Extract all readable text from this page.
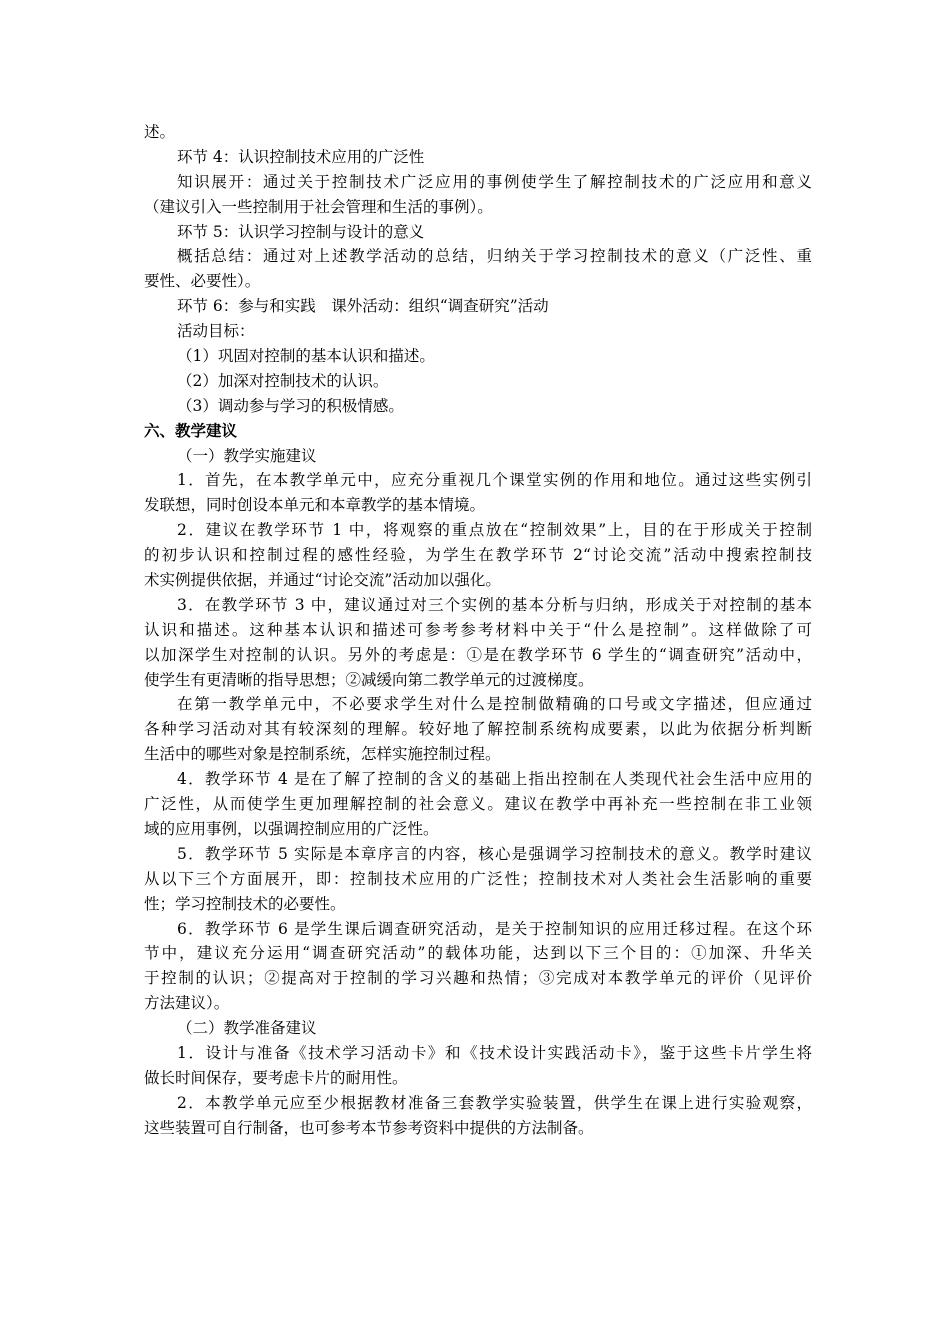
述。
环节 4：认识控制技术应用的广泛性
知识展开：通过关于控制技术广泛应用的事例使学生了解控制技术的广泛应用和意义
（建议引入一些控制用于社会管理和生活的事例）。
环节 5：认识学习控制与设计的意义
概括总结：通过对上述教学活动的总结，归纳关于学习控制技术的意义（广泛性、重
要性、必要性）。
环节 6：参与和实践　课外活动：组织“调查研究”活动
活动目标：
（1）巩固对控制的基本认识和描述。
（2）加深对控制技术的认识。
（3）调动参与学习的积极情感。
六、教学建议
（一）教学实施建议
1．首先，在本教学单元中，应充分重视几个课堂实例的作用和地位。通过这些实例引
发联想，同时创设本单元和本章教学的基本情境。
2．建议在教学环节 1 中，将观察的重点放在“控制效果”上，目的在于形成关于控制
的初步认识和控制过程的感性经验，为学生在教学环节 2“讨论交流”活动中搜索控制技
术实例提供依据，并通过“讨论交流”活动加以强化。
3．在教学环节 3 中，建议通过对三个实例的基本分析与归纳，形成关于对控制的基本
认识和描述。这种基本认识和描述可参考参考材料中关于“什么是控制”。这样做除了可
以加深学生对控制的认识。另外的考虑是：①是在教学环节 6 学生的“调查研究”活动中，
使学生有更清晰的指导思想；②减缓向第二教学单元的过渡梯度。
在第一教学单元中，不必要求学生对什么是控制做精确的口号或文字描述，但应通过
各种学习活动对其有较深刻的理解。较好地了解控制系统构成要素，以此为依据分析判断
生活中的哪些对象是控制系统，怎样实施控制过程。
4．教学环节 4 是在了解了控制的含义的基础上指出控制在人类现代社会生活中应用的
广泛性，从而使学生更加理解控制的社会意义。建议在教学中再补充一些控制在非工业领
域的应用事例，以强调控制应用的广泛性。
5．教学环节 5 实际是本章序言的内容，核心是强调学习控制技术的意义。教学时建议
从以下三个方面展开，即：控制技术应用的广泛性；控制技术对人类社会生活影响的重要
性；学习控制技术的必要性。
6．教学环节 6 是学生课后调查研究活动，是关于控制知识的应用迁移过程。在这个环
节中，建议充分运用“调查研究活动”的载体功能，达到以下三个目的：①加深、升华关
于控制的认识；②提高对于控制的学习兴趣和热情；③完成对本教学单元的评价（见评价
方法建议）。
（二）教学准备建议
1．设计与准备《技术学习活动卡》和《技术设计实践活动卡》，鉴于这些卡片学生将
做长时间保存，要考虑卡片的耐用性。
2．本教学单元应至少根据教材准备三套教学实验装置，供学生在课上进行实验观察，
这些装置可自行制备，也可参考本节参考资料中提供的方法制备。
